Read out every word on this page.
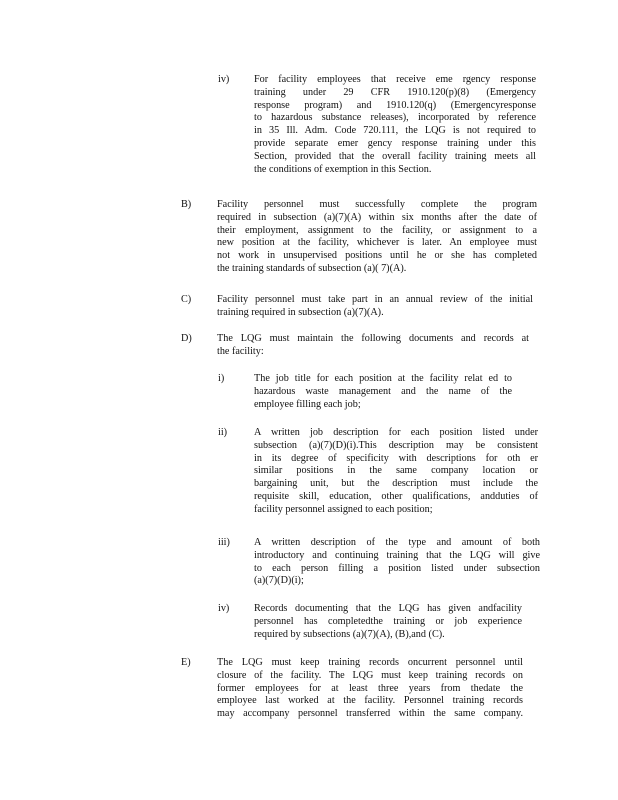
iv) For facility employees that receive eme rgency response
training under 29 CFR 1910.120(p)(8) (Emergency
response program) and 1910.120(q) (Emergencyresponse
to hazardous substance releases), incorporated by reference
in 35 Ill. Adm. Code 720.111, the LQG is not required to
provide separate emer gency response training under this
Section, provided that the overall facility training meets all
the conditions of exemption in this Section.
B)	Facility personnel must successfully complete the program
required in subsection (a)(7)(A) within six months after the date of
their employment, assignment to the facility, or assignment to a
new position at the facility, whichever is later. An employee must
not work in unsupervised positions until he or she has completed
the training standards of subsection (a)( 7)(A).
C)	Facility personnel must take part in an annual review of the initial
training required in subsection (a)(7)(A).
D) The LQG must maintain the following documents and records at
the facility:
i)	The job title for each position at the facility relat ed to
hazardous waste management and the name of the
employee filling each job;
ii)	A written job description for each position listed under
subsection (a)(7)(D)(i).This description may be consistent
in its degree of specificity with descriptions for oth er
similar positions in the same company location or
bargaining unit, but the description must include the
requisite skill, education, other qualifications, andduties of
facility personnel assigned to each position;
iii) A written description of the type and amount of both
introductory and continuing training that the LQG will give
to each person filling a position listed under subsection
(a)(7)(D)(i);
iv) Records documenting that the LQG has given andfacility
personnel has completedthe training or job experience
required by subsections (a)(7)(A), (B),and (C).
E)	The LQG must keep training records oncurrent personnel until
closure of the facility. The LQG must keep training records on
former employees for at least three years from thedate the
employee last worked at the facility. Personnel training records
may accompany personnel transferred within the same company.
